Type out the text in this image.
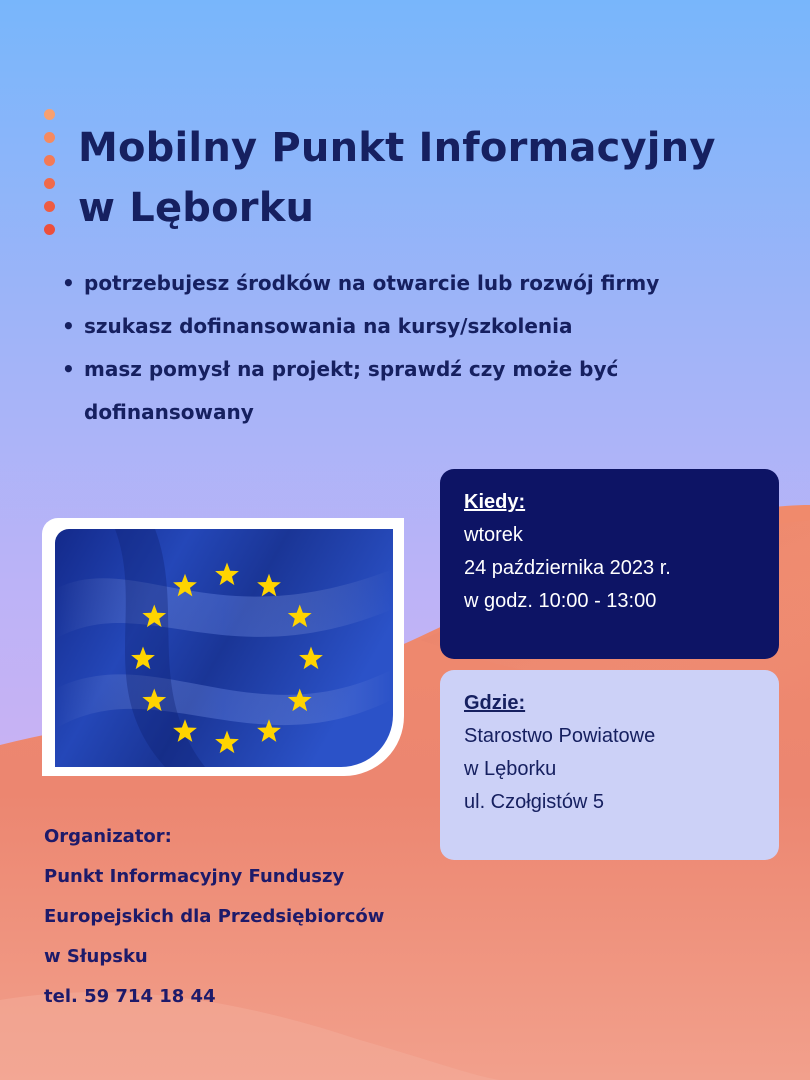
Mobilny Punkt Informacyjny
w Lęborku
• potrzebujesz środków na otwarcie lub rozwój firmy
• szukasz dofinansowania na kursy/szkolenia
• masz pomysł na projekt; sprawdź czy może być dofinansowany
Kiedy:
wtorek
24 października 2023 r.
w godz. 10:00 - 13:00
Gdzie:
Starostwo Powiatowe
w Lęborku
ul. Czołgistów 5
Organizator:
Punkt Informacyjny Funduszy
Europejskich dla Przedsiębiorców
w Słupsku
tel. 59 714 18 44
